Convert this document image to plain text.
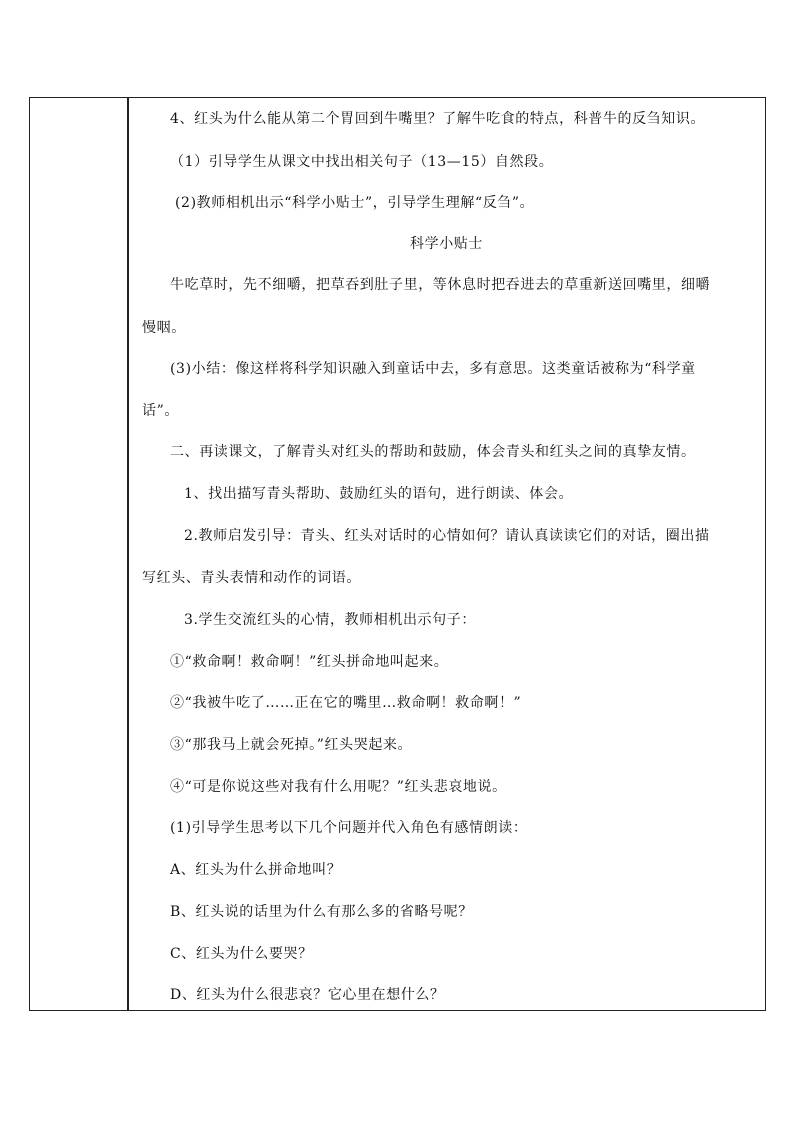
4、红头为什么能从第二个胃回到牛嘴里？了解牛吃食的特点，科普牛的反刍知识。
（1）引导学生从课文中找出相关句子（13—15）自然段。
(2)教师相机出示“科学小贴士”，引导学生理解“反刍”。
科学小贴士
牛吃草时，先不细嚼，把草吞到肚子里，等休息时把吞进去的草重新送回嘴里，细嚼
慢咽。
(3)小结：像这样将科学知识融入到童话中去，多有意思。这类童话被称为“科学童
话”。
二、再读课文，了解青头对红头的帮助和鼓励，体会青头和红头之间的真挚友情。
1、找出描写青头帮助、鼓励红头的语句，进行朗读、体会。
2.教师启发引导：青头、红头对话时的心情如何？请认真读读它们的对话，圈出描
写红头、青头表情和动作的词语。
3.学生交流红头的心情，教师相机出示句子：
①“救命啊！救命啊！”红头拼命地叫起来。
②“我被牛吃了……正在它的嘴里…救命啊！救命啊！”
③“那我马上就会死掉。”红头哭起来。
④“可是你说这些对我有什么用呢？”红头悲哀地说。
(1)引导学生思考以下几个问题并代入角色有感情朗读：
A、红头为什么拼命地叫？
B、红头说的话里为什么有那么多的省略号呢？
C、红头为什么要哭？
D、红头为什么很悲哀？它心里在想什么？
